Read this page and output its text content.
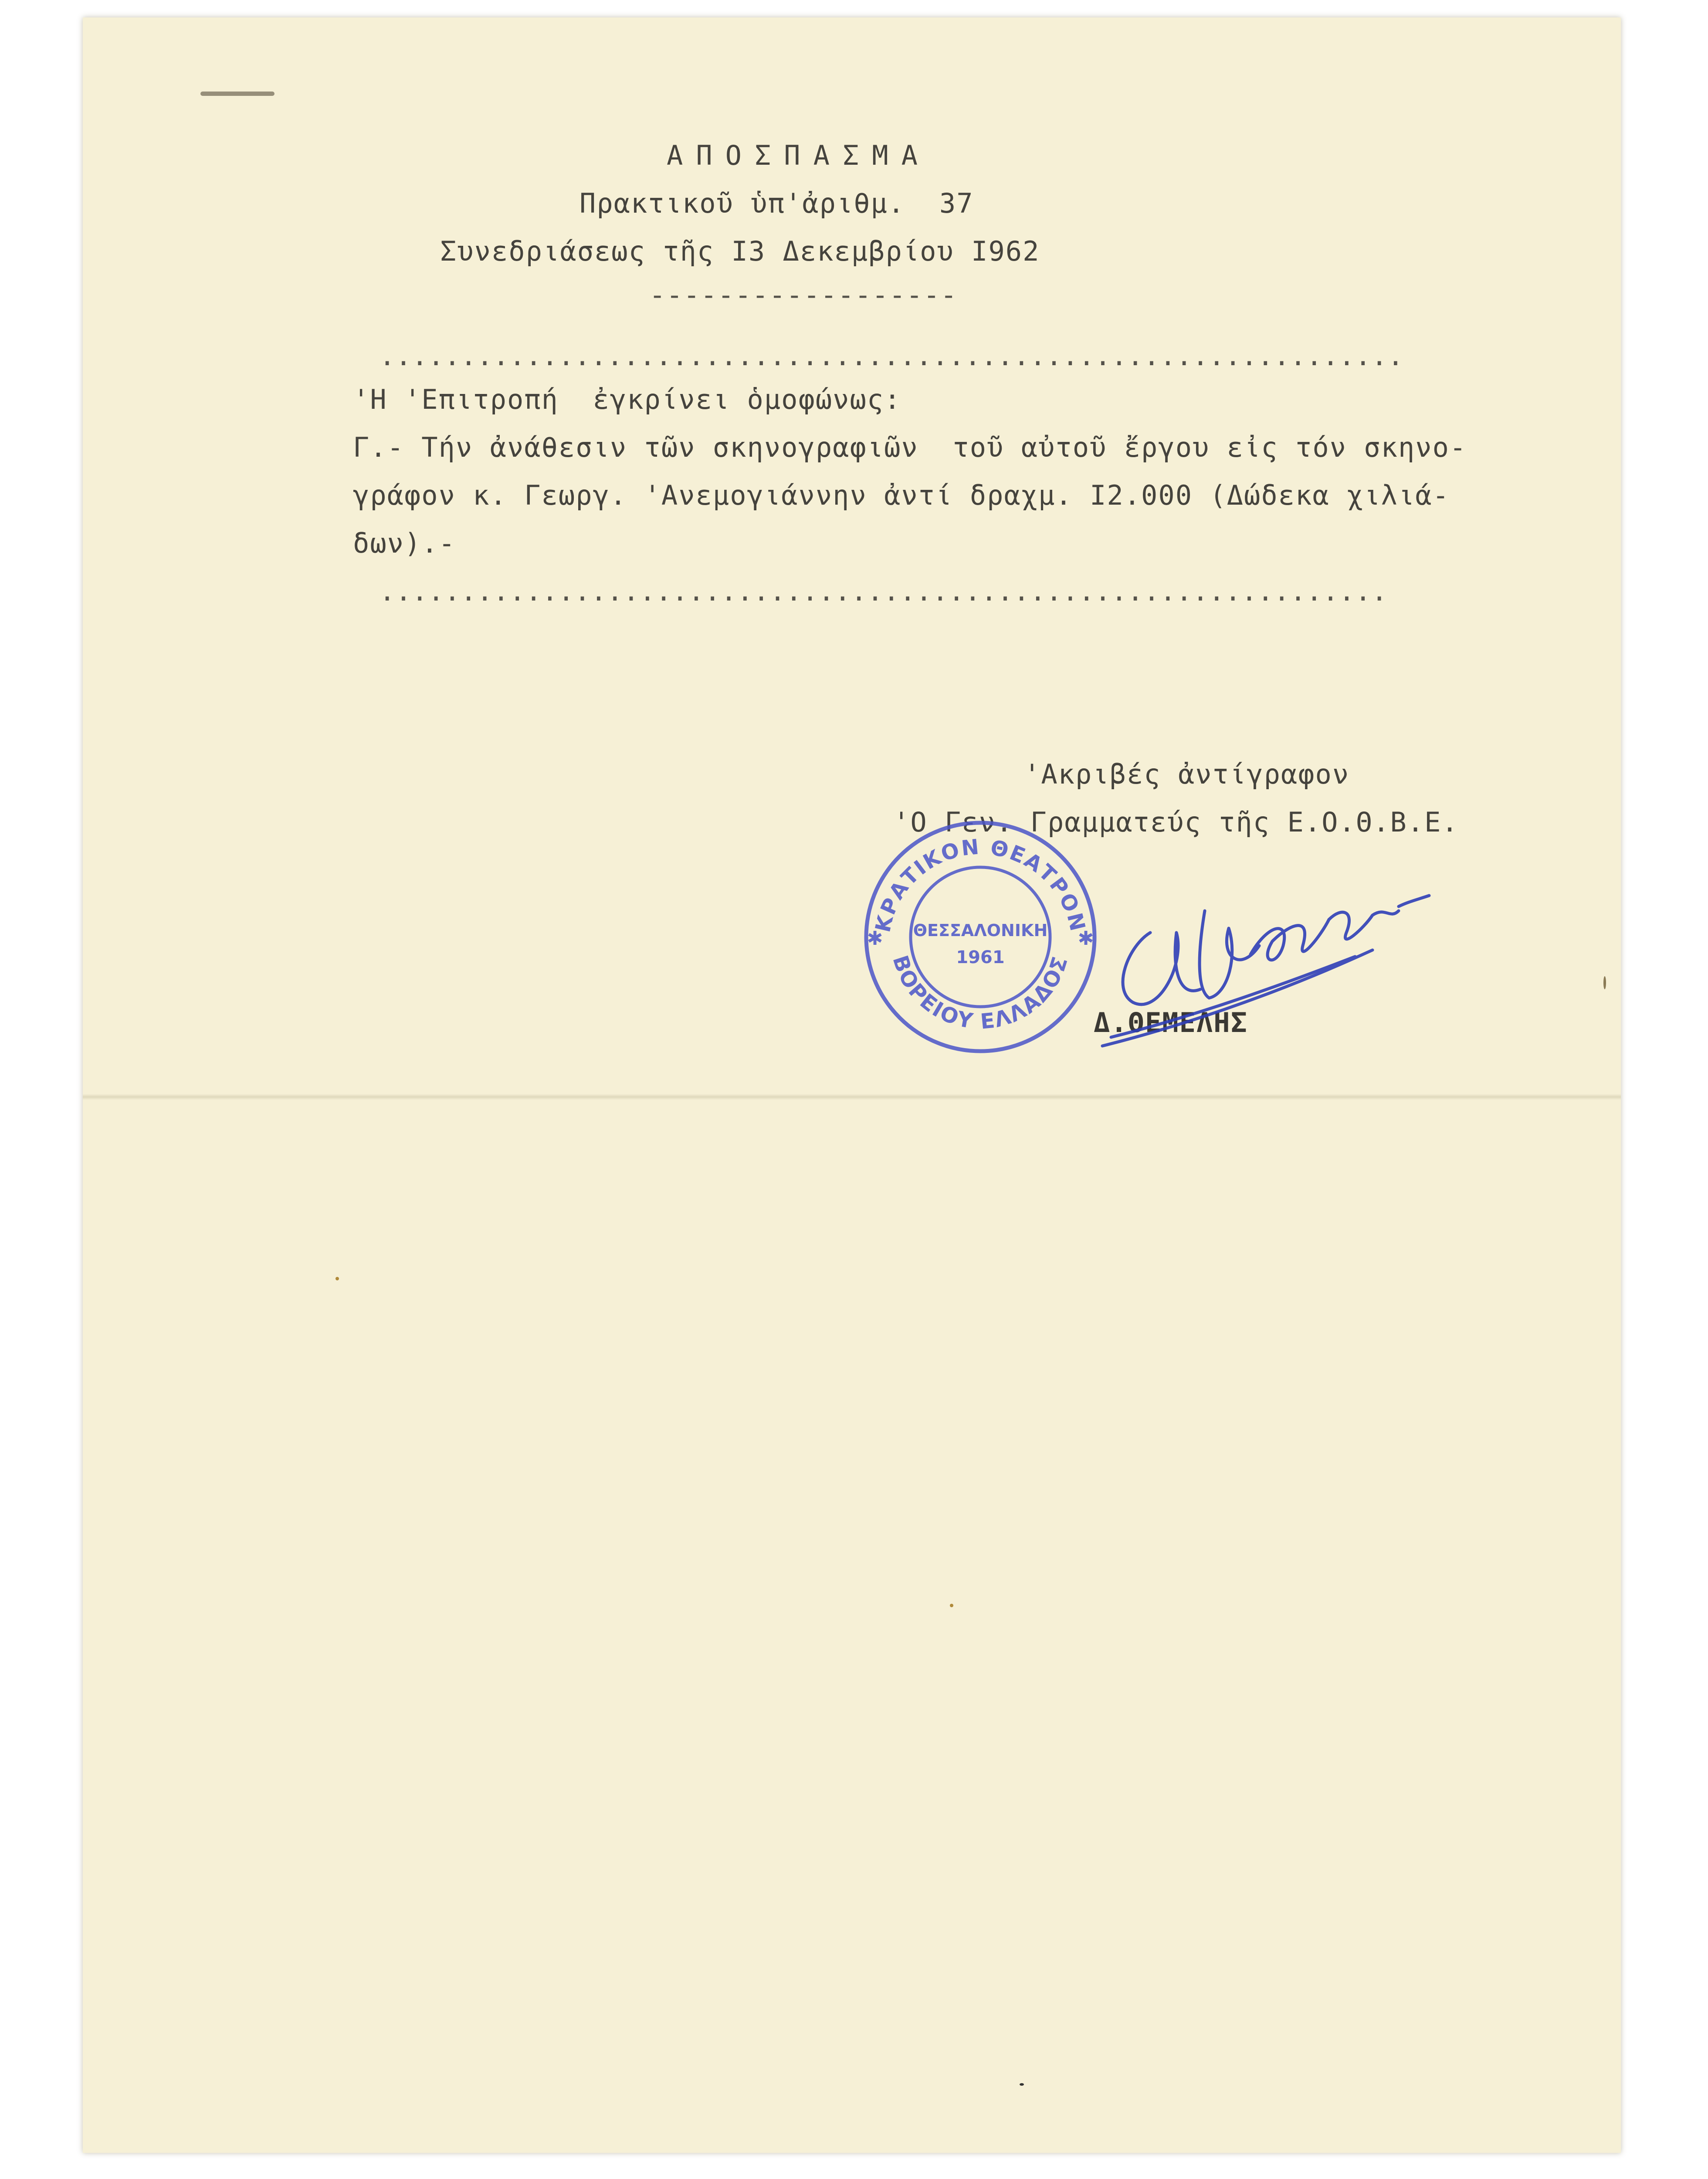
ΑΠΟΣΠΑΣΜΑ
Πρακτικοῦ ὑπ'ἀριθμ.  37
Συνεδριάσεως τῆς Ι3 Δεκεμβρίου Ι962
------------------
...............................................................
'Η 'Επιτροπή  ἐγκρίνει ὁμοφώνως:
Γ.- Τήν ἀνάθεσιν τῶν σκηνογραφιῶν  τοῦ αὐτοῦ ἔργου εἰς τόν σκηνο-
γράφον κ. Γεωργ. 'Ανεμογιάννην ἀντί δραχμ. Ι2.000 (Δώδεκα χιλιά-
δων).-
..............................................................
'Ακριβές ἀντίγραφον
'Ο Γεν. Γραμματεύς τῆς Ε.Ο.Θ.Β.Ε.
Δ.ΘΕΜΕΛΗΣ
ΚΡΑΤΙΚΟΝ ΘΕΑΤΡΟΝ
ΒΟΡΕΙΟΥ ΕΛΛΑΔΟΣ
ΘΕΣΣΑΛΟΝΙΚΗ
1961
✱	✱
